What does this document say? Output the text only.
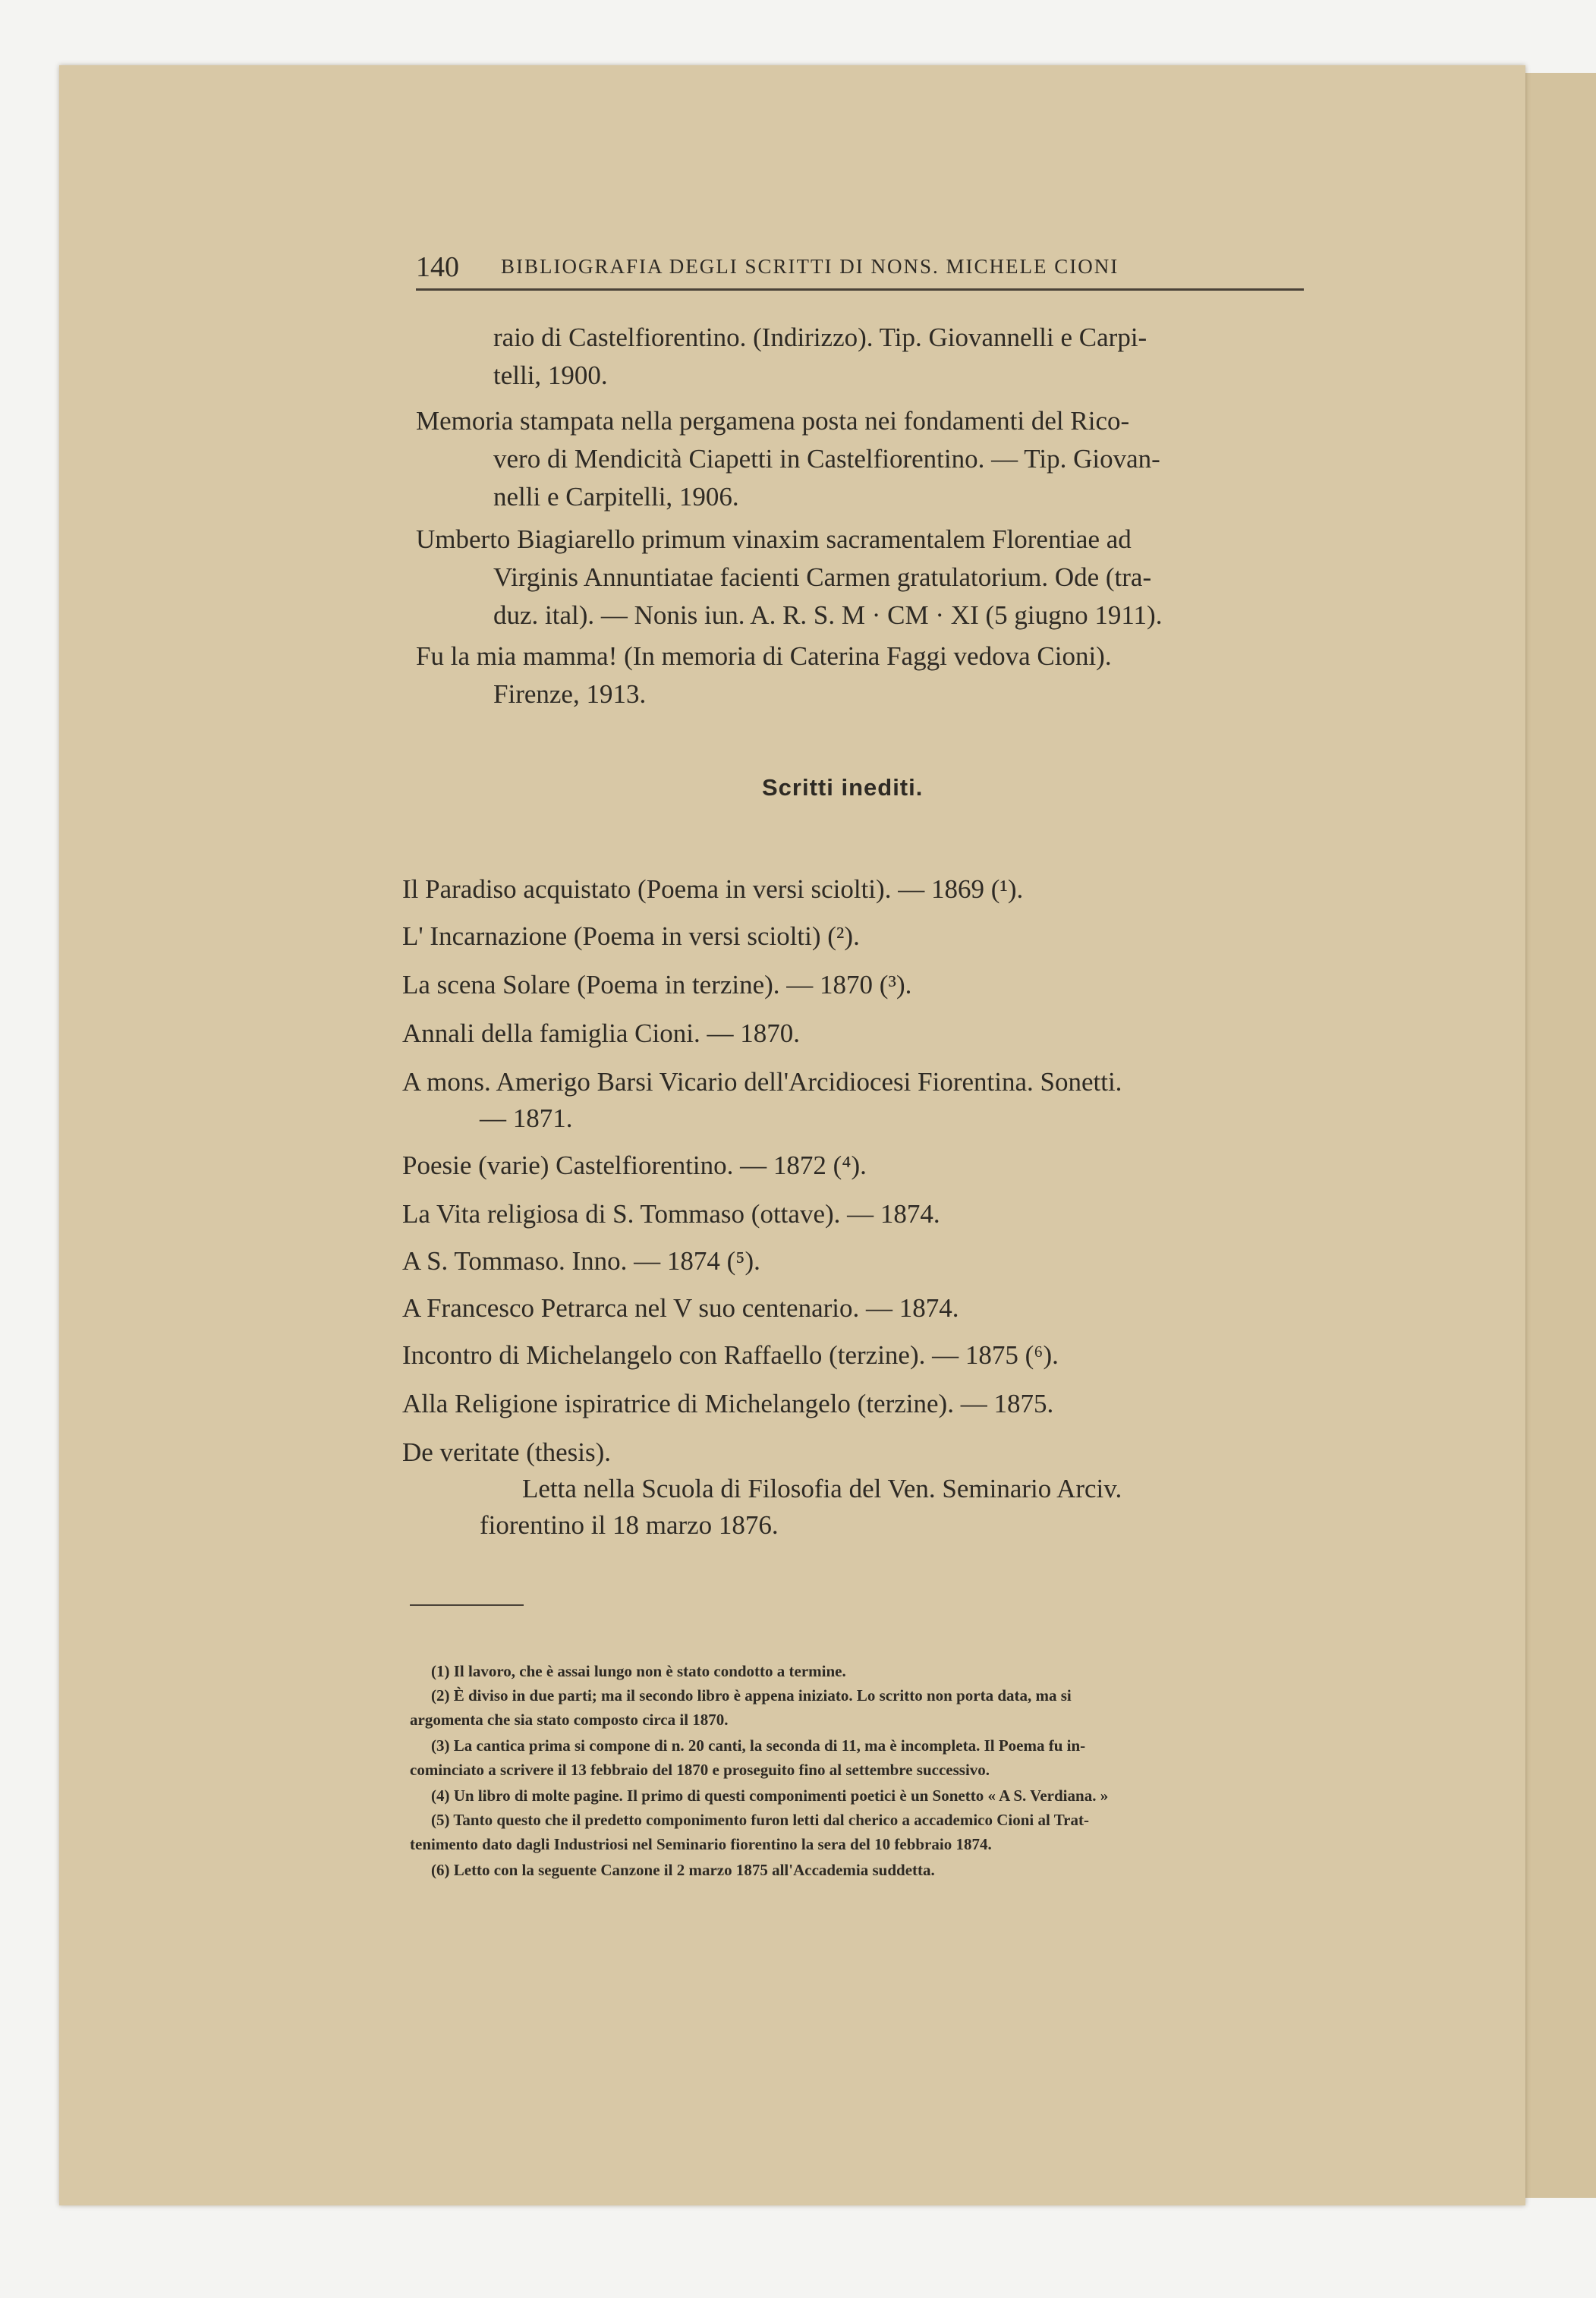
140 BIBLIOGRAFIA DEGLI SCRITTI DI NONS. MICHELE CIONI
raio di Castelfiorentino. (Indirizzo). Tip. Giovannelli e Carpi-
telli, 1900.
Memoria stampata nella pergamena posta nei fondamenti del Rico-
vero di Mendicità Ciapetti in Castelfiorentino. — Tip. Giovan-
nelli e Carpitelli, 1906.
Umberto Biagiarello primum vinaxim sacramentalem Florentiae ad
Virginis Annuntiatae facienti Carmen gratulatorium. Ode (tra-
duz. ital). — Nonis iun. A. R. S. M · CM · XI (5 giugno 1911).
Fu la mia mamma! (In memoria di Caterina Faggi vedova Cioni).
Firenze, 1913.
Scritti inediti.
Il Paradiso acquistato (Poema in versi sciolti). — 1869 (¹).
L' Incarnazione (Poema in versi sciolti) (²).
La scena Solare (Poema in terzine). — 1870 (³).
Annali della famiglia Cioni. — 1870.
A mons. Amerigo Barsi Vicario dell'Arcidiocesi Fiorentina. Sonetti.
— 1871.
Poesie (varie) Castelfiorentino. — 1872 (⁴).
La Vita religiosa di S. Tommaso (ottave). — 1874.
A S. Tommaso. Inno. — 1874 (⁵).
A Francesco Petrarca nel V suo centenario. — 1874.
Incontro di Michelangelo con Raffaello (terzine). — 1875 (⁶).
Alla Religione ispiratrice di Michelangelo (terzine). — 1875.
De veritate (thesis).
Letta nella Scuola di Filosofia del Ven. Seminario Arciv.
fiorentino il 18 marzo 1876.
(1) Il lavoro, che è assai lungo non è stato condotto a termine.
(2) È diviso in due parti; ma il secondo libro è appena iniziato. Lo scritto non porta data, ma si
argomenta che sia stato composto circa il 1870.
(3) La cantica prima si compone di n. 20 canti, la seconda di 11, ma è incompleta. Il Poema fu in-
cominciato a scrivere il 13 febbraio del 1870 e proseguito fino al settembre successivo.
(4) Un libro di molte pagine. Il primo di questi componimenti poetici è un Sonetto « A S. Verdiana. »
(5) Tanto questo che il predetto componimento furon letti dal cherico a accademico Cioni al Trat-
tenimento dato dagli Industriosi nel Seminario fiorentino la sera del 10 febbraio 1874.
(6) Letto con la seguente Canzone il 2 marzo 1875 all'Accademia suddetta.
